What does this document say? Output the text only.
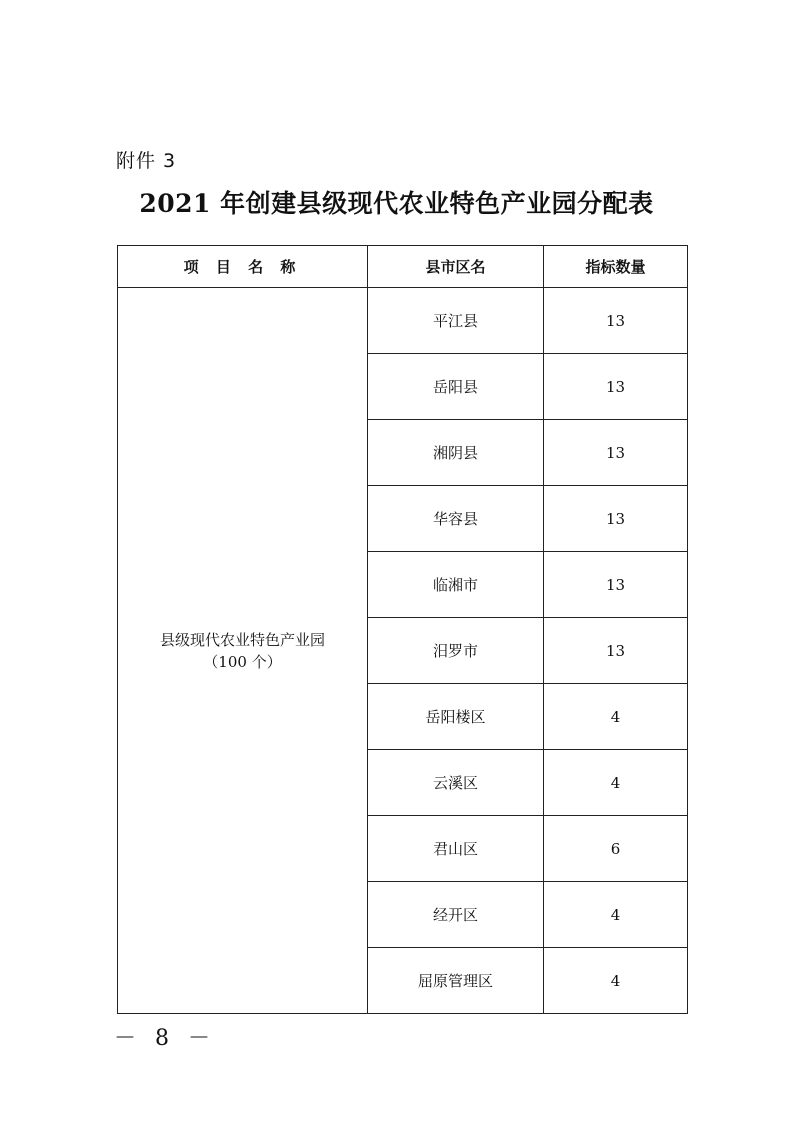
附件 3
2021 年创建县级现代农业特色产业园分配表
项 目 名 称	县市区名	指标数量

县级现代农业特色产业园
（100 个）	平江县	13
	岳阳县	13
	湘阴县	13
	华容县	13
	临湘市	13
	汨罗市	13
	岳阳楼区	4
	云溪区	4
	君山区	6
	经开区	4
	屈原管理区	4
－ 8 －
